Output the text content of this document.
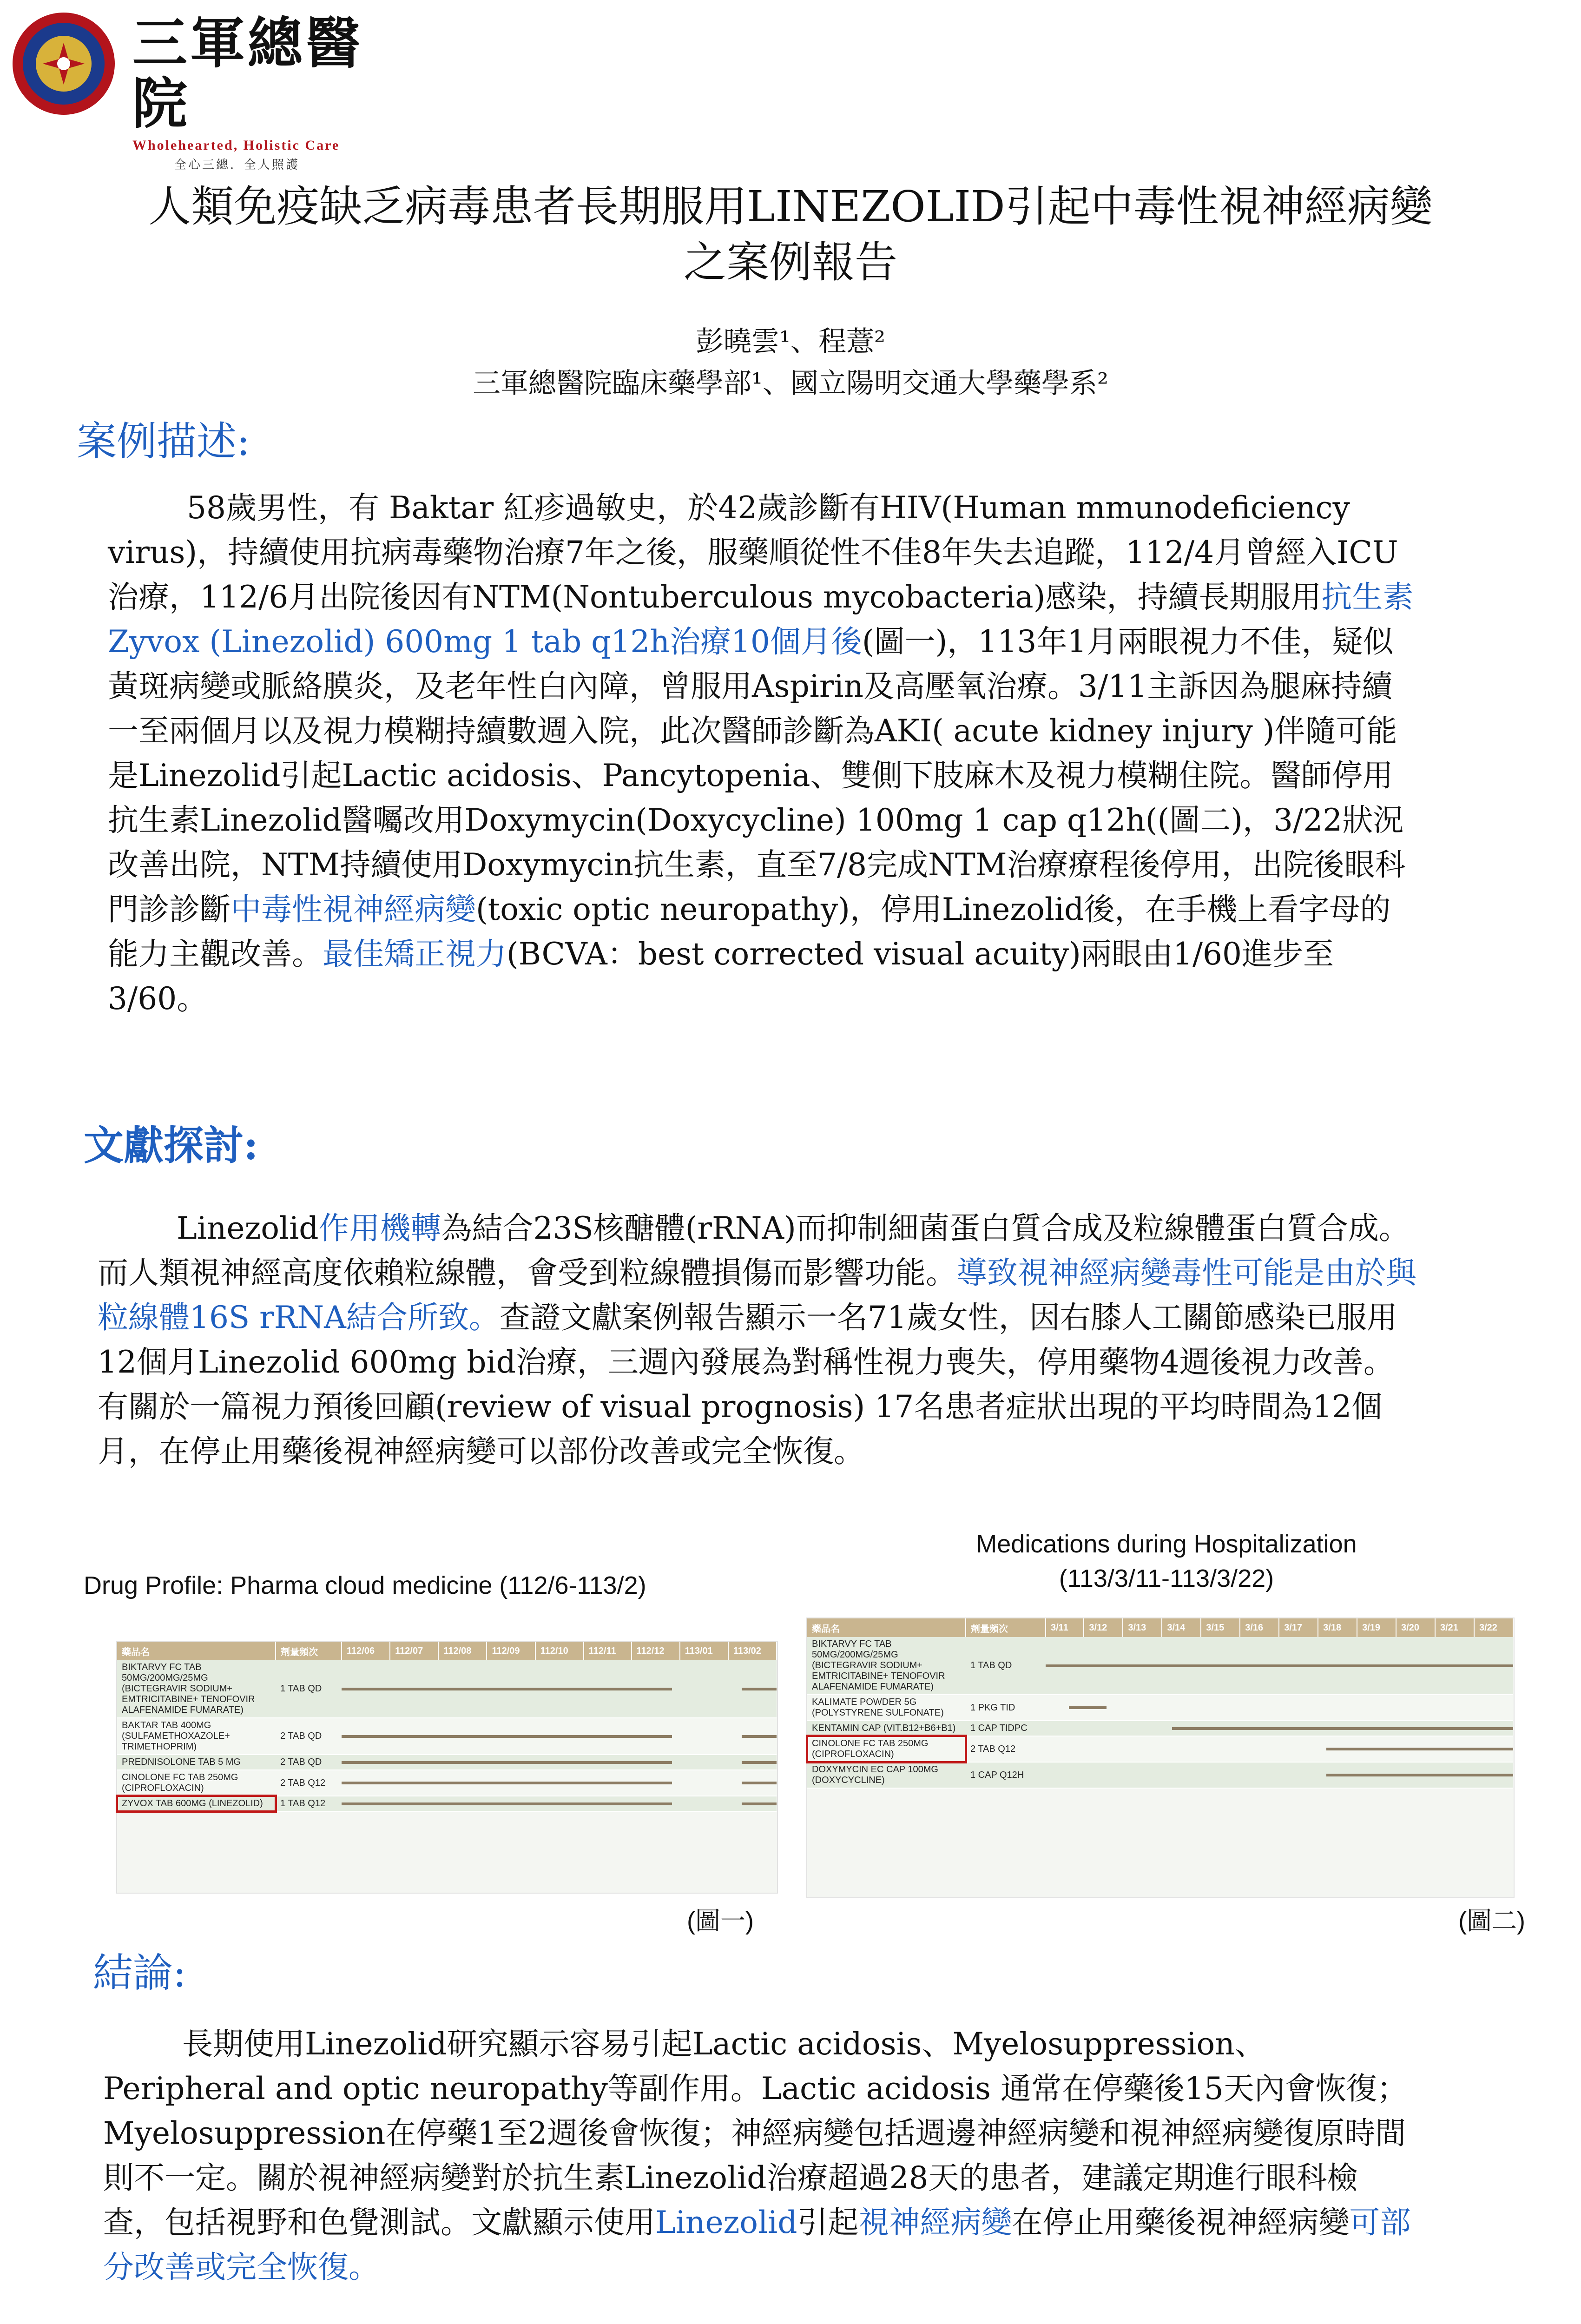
三軍總醫院
Wholehearted, Holistic Care
全心三總．全人照護
人類免疫缺乏病毒患者長期服用LINEZOLID引起中毒性視神經病變
之案例報告
彭曉雲¹、程薏²
三軍總醫院臨床藥學部¹、國立陽明交通大學藥學系²
案例描述:
58歲男性，有 Baktar 紅疹過敏史，於42歲診斷有HIV(Human mmunodeficiency virus)，持續使用抗病毒藥物治療7年之後，服藥順從性不佳8年失去追蹤，112/4月曾經入ICU治療，112/6月出院後因有NTM(Nontuberculous mycobacteria)感染，持續長期服用抗生素Zyvox (Linezolid) 600mg 1 tab q12h治療10個月後(圖一)，113年1月兩眼視力不佳，疑似黃斑病變或脈絡膜炎，及老年性白內障，曾服用Aspirin及高壓氧治療。3/11主訴因為腿麻持續一至兩個月以及視力模糊持續數週入院，此次醫師診斷為AKI( acute kidney injury )伴隨可能是Linezolid引起Lactic acidosis、Pancytopenia、雙側下肢麻木及視力模糊住院。醫師停用抗生素Linezolid醫囑改用Doxymycin(Doxycycline) 100mg 1 cap q12h((圖二)，3/22狀況改善出院，NTM持續使用Doxymycin抗生素，直至7/8完成NTM治療療程後停用，出院後眼科門診診斷中毒性視神經病變(toxic optic neuropathy)，停用Linezolid後，在手機上看字母的能力主觀改善。最佳矯正視力(BCVA：best corrected visual acuity)兩眼由1/60進步至3/60。
文獻探討:
Linezolid作用機轉為結合23S核醣體(rRNA)而抑制細菌蛋白質合成及粒線體蛋白質合成。而人類視神經高度依賴粒線體，會受到粒線體損傷而影響功能。導致視神經病變毒性可能是由於與粒線體16S rRNA結合所致。查證文獻案例報告顯示一名71歲女性，因右膝人工關節感染已服用12個月Linezolid 600mg bid治療，三週內發展為對稱性視力喪失，停用藥物4週後視力改善。有關於一篇視力預後回顧(review of visual prognosis) 17名患者症狀出現的平均時間為12個月，在停止用藥後視神經病變可以部份改善或完全恢復。
Drug Profile: Pharma cloud medicine (112/6-113/2)
藥品名	劑量頻次	112/06	112/07	112/08	112/09	112/10	112/11	112/12	113/01	113/02
BIKTARVY FC TAB 50MG/200MG/25MG (BICTEGRAVIR SODIUM+ EMTRICITABINE+ TENOFOVIR ALAFENAMIDE FUMARATE)	1 TAB QD									

BAKTAR TAB 400MG (SULFAMETHOXAZOLE+ TRIMETHOPRIM)	2 TAB QD									

PREDNISOLONE TAB 5 MG	2 TAB QD									

CINOLONE FC TAB 250MG (CIPROFLOXACIN)	2 TAB Q12									

ZYVOX TAB 600MG (LINEZOLID)	1 TAB Q12									
(圖一)
Medications during Hospitalization
(113/3/11-113/3/22)
藥品名	劑量頻次	3/11	3/12	3/13	3/14	3/15	3/16	3/17	3/18	3/19	3/20	3/21	3/22
BIKTARVY FC TAB 50MG/200MG/25MG (BICTEGRAVIR SODIUM+ EMTRICITABINE+ TENOFOVIR ALAFENAMIDE FUMARATE)	1 TAB QD												

KALIMATE POWDER 5G (POLYSTYRENE SULFONATE)	1 PKG TID												

KENTAMIN CAP (VIT.B12+B6+B1)	1 CAP TIDPC												

CINOLONE FC TAB 250MG (CIPROFLOXACIN)	2 TAB Q12												

DOXYMYCIN EC CAP 100MG (DOXYCYCLINE)	1 CAP Q12H												
(圖二)
結論:
長期使用Linezolid研究顯示容易引起Lactic acidosis、Myelosuppression、Peripheral and optic neuropathy等副作用。Lactic acidosis 通常在停藥後15天內會恢復；Myelosuppression在停藥1至2週後會恢復；神經病變包括週邊神經病變和視神經病變復原時間則不一定。關於視神經病變對於抗生素Linezolid治療超過28天的患者，建議定期進行眼科檢查，包括視野和色覺測試。文獻顯示使用Linezolid引起視神經病變在停止用藥後視神經病變可部分改善或完全恢復。
